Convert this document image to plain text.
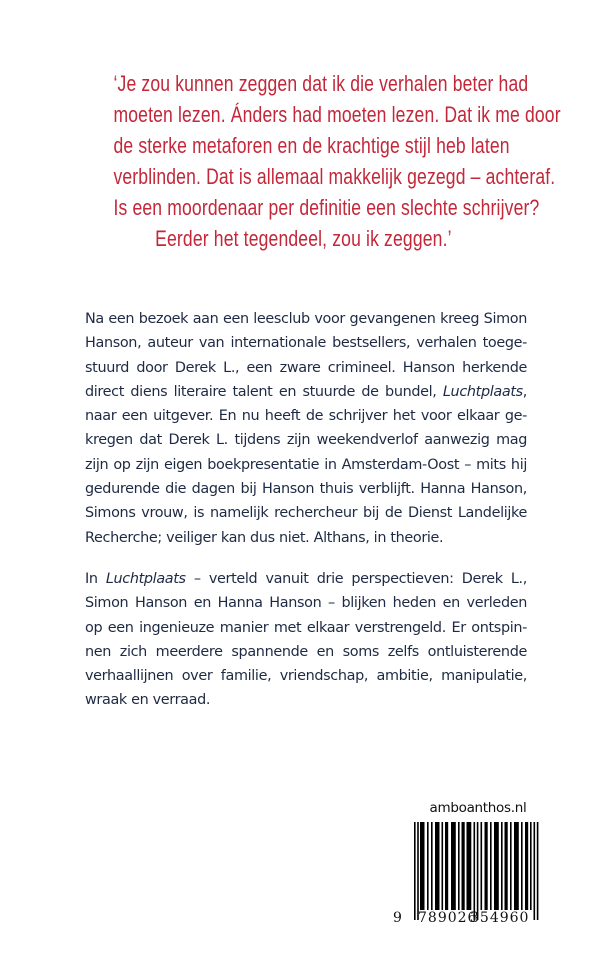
‘Je zou kunnen zeggen dat ik die verhalen beter had
moeten lezen. Ánders had moeten lezen. Dat ik me door
de sterke metaforen en de krachtige stijl heb laten
verblinden. Dat is allemaal makkelijk gezegd – achteraf.
Is een moordenaar per definitie een slechte schrijver?
Eerder het tegendeel, zou ik zeggen.’
Na een bezoek aan een leesclub voor gevangenen kreeg Simon
Hanson, auteur van internationale bestsellers, verhalen toege-
stuurd door Derek L., een zware crimineel. Hanson herkende
direct diens literaire talent en stuurde de bundel, Luchtplaats,
naar een uitgever. En nu heeft de schrijver het voor elkaar ge-
kregen dat Derek L. tijdens zijn weekendverlof aanwezig mag
zijn op zijn eigen boekpresentatie in Amsterdam-Oost – mits hij
gedurende die dagen bij Hanson thuis verblijft. Hanna Hanson,
Simons vrouw, is namelijk rechercheur bij de Dienst Landelijke
Recherche; veiliger kan dus niet. Althans, in theorie.
In Luchtplaats – verteld vanuit drie perspectieven: Derek L.,
Simon Hanson en Hanna Hanson – blijken heden en verleden
op een ingenieuze manier met elkaar verstrengeld. Er ontspin-
nen zich meerdere spannende en soms zelfs ontluisterende
verhaallijnen over familie, vriendschap, ambitie, manipulatie,
wraak en verraad.
amboanthos.nl
9 789026
354960
